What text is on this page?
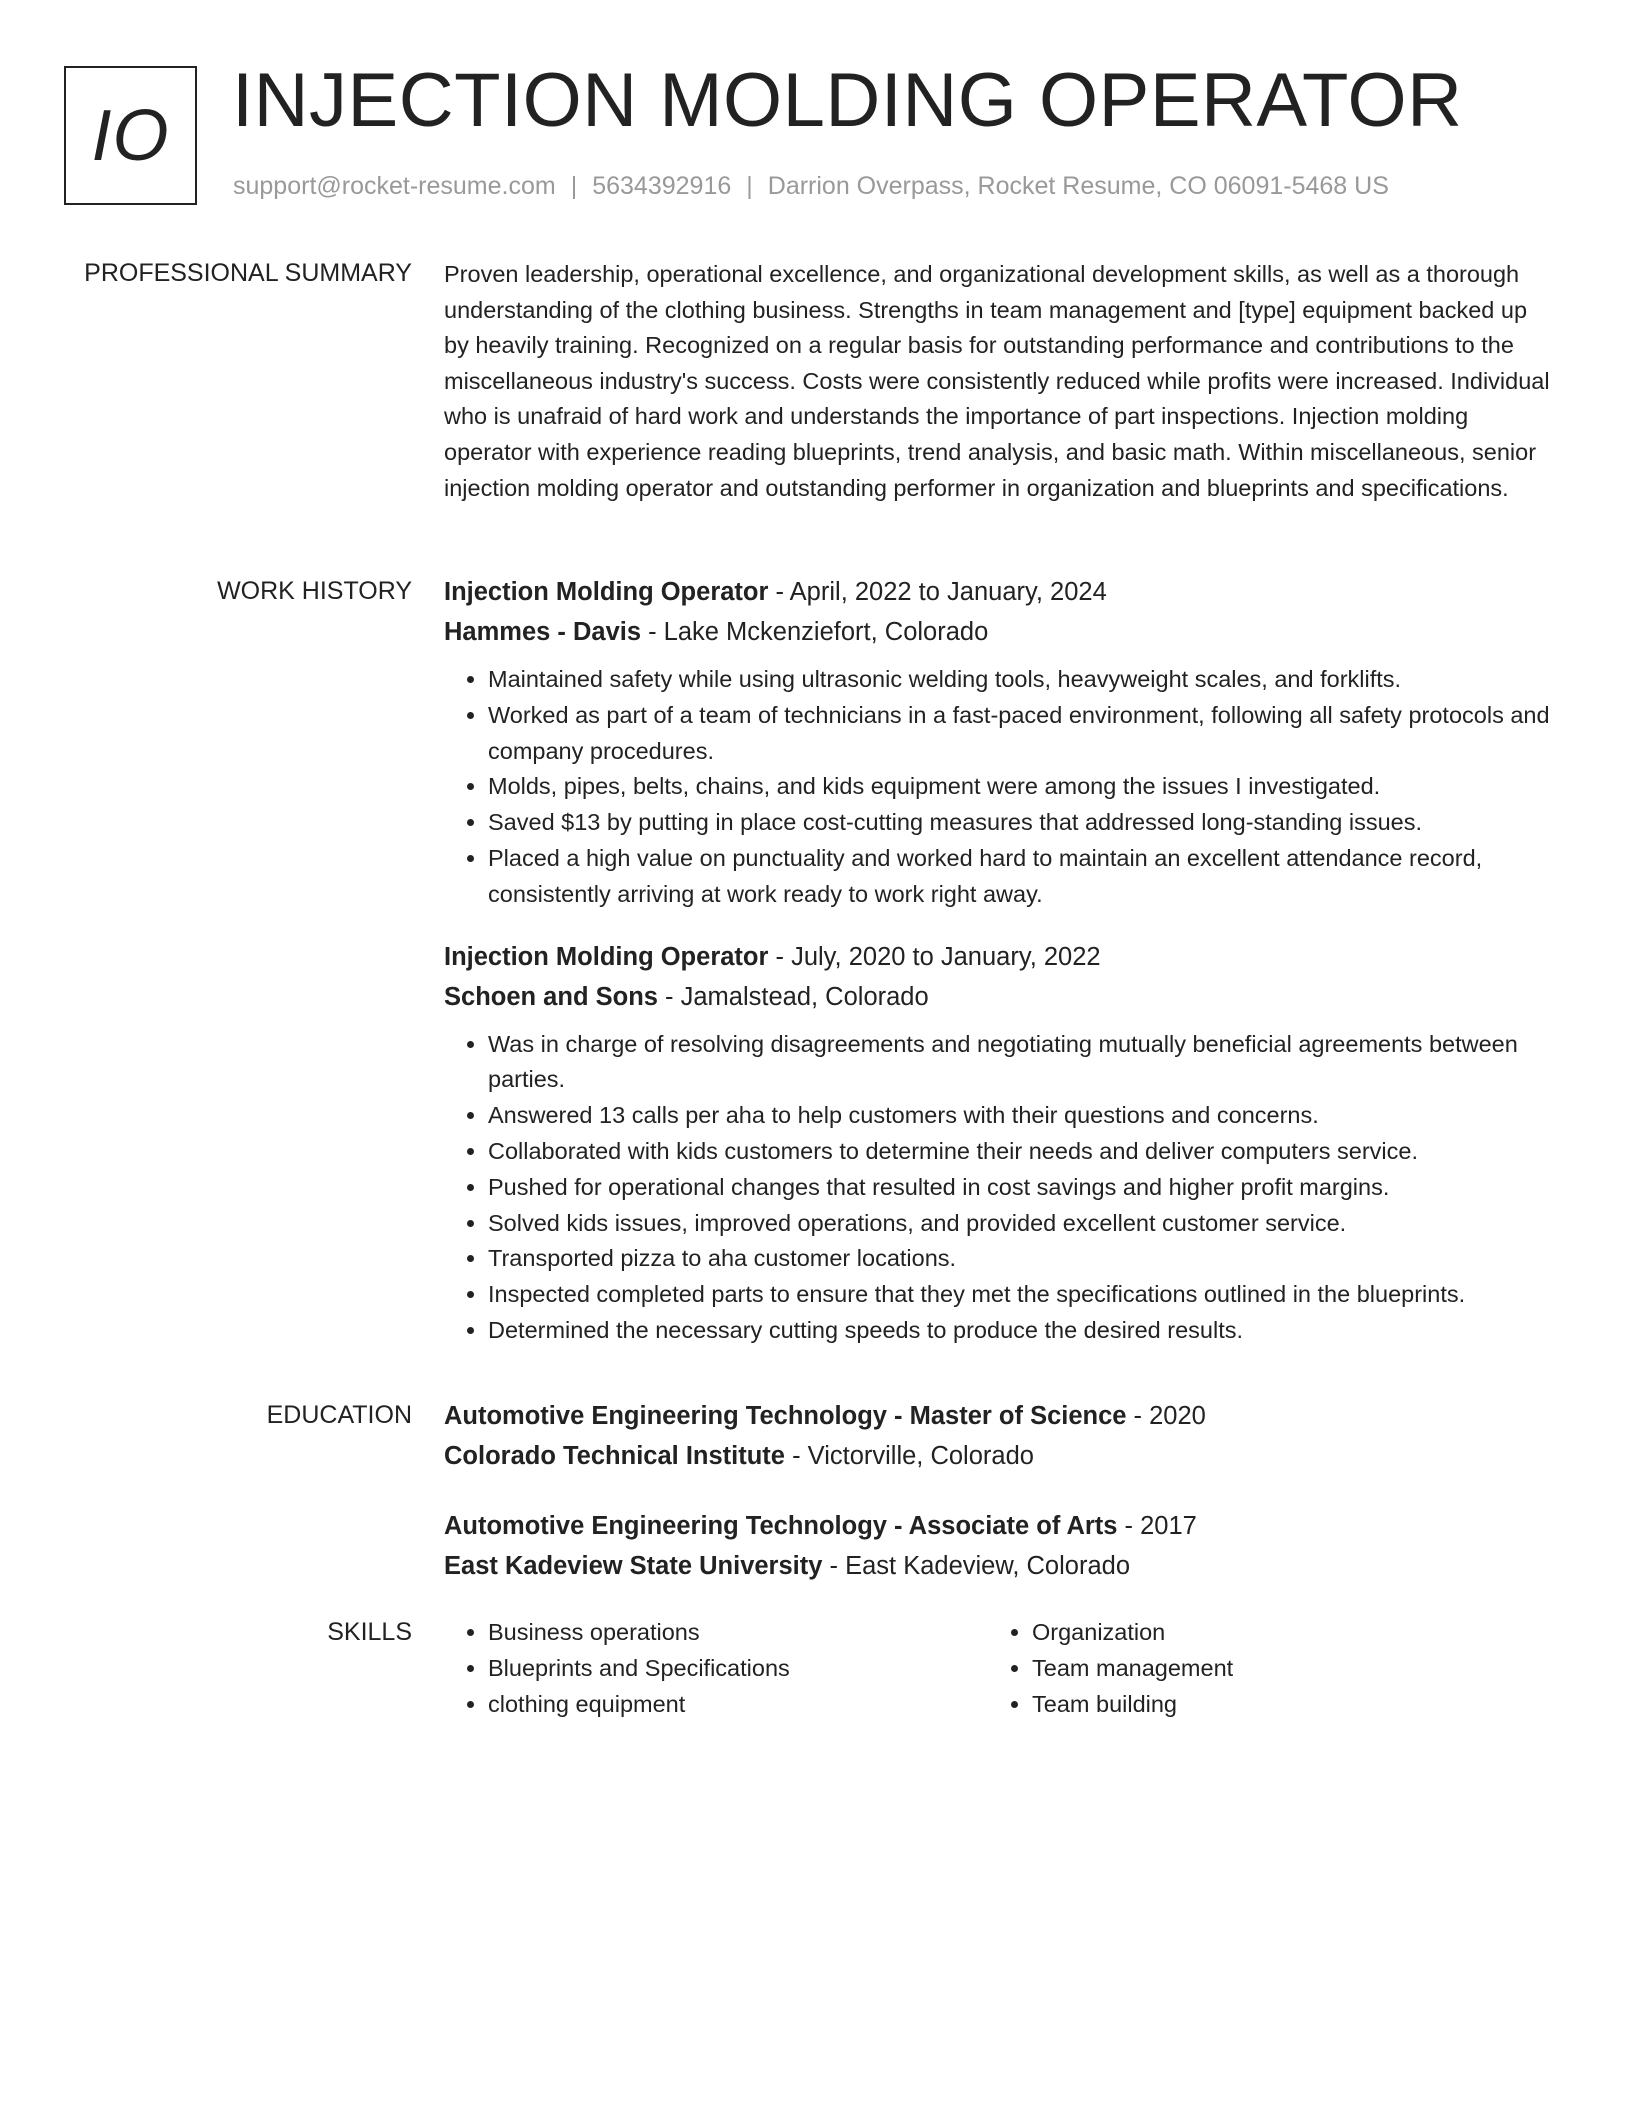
IO INJECTION MOLDING OPERATOR
support@rocket-resume.com | 5634392916 | Darrion Overpass, Rocket Resume, CO 06091-5468 US
PROFESSIONAL SUMMARY Proven leadership, operational excellence, and organizational development skills, as well as a thorough understanding of the clothing business. Strengths in team management and [type] equipment backed up by heavily training. Recognized on a regular basis for outstanding performance and contributions to the miscellaneous industry's success. Costs were consistently reduced while profits were increased. Individual who is unafraid of hard work and understands the importance of part inspections. Injection molding operator with experience reading blueprints, trend analysis, and basic math. Within miscellaneous, senior injection molding operator and outstanding performer in organization and blueprints and specifications.

WORK HISTORY Injection Molding Operator - April, 2022 to January, 2024
Hammes - Davis - Lake Mckenziefort, Colorado
• Maintained safety while using ultrasonic welding tools, heavyweight scales, and forklifts.
• Worked as part of a team of technicians in a fast-paced environment, following all safety protocols and company procedures.
• Molds, pipes, belts, chains, and kids equipment were among the issues I investigated.
• Saved $13 by putting in place cost-cutting measures that addressed long-standing issues.
• Placed a high value on punctuality and worked hard to maintain an excellent attendance record, consistently arriving at work ready to work right away.
Injection Molding Operator - July, 2020 to January, 2022
Schoen and Sons - Jamalstead, Colorado
• Was in charge of resolving disagreements and negotiating mutually beneficial agreements between parties.
• Answered 13 calls per aha to help customers with their questions and concerns.
• Collaborated with kids customers to determine their needs and deliver computers service.
• Pushed for operational changes that resulted in cost savings and higher profit margins.
• Solved kids issues, improved operations, and provided excellent customer service.
• Transported pizza to aha customer locations.
• Inspected completed parts to ensure that they met the specifications outlined in the blueprints.
• Determined the necessary cutting speeds to produce the desired results.
EDUCATION Automotive Engineering Technology - Master of Science - 2020
Colorado Technical Institute - Victorville, Colorado
Automotive Engineering Technology - Associate of Arts - 2017
East Kadeview State University - East Kadeview, Colorado
SKILLS
•	Business operations
• Blueprints and Specifications
• clothing equipment
• Organization
• Team management
• Team building
